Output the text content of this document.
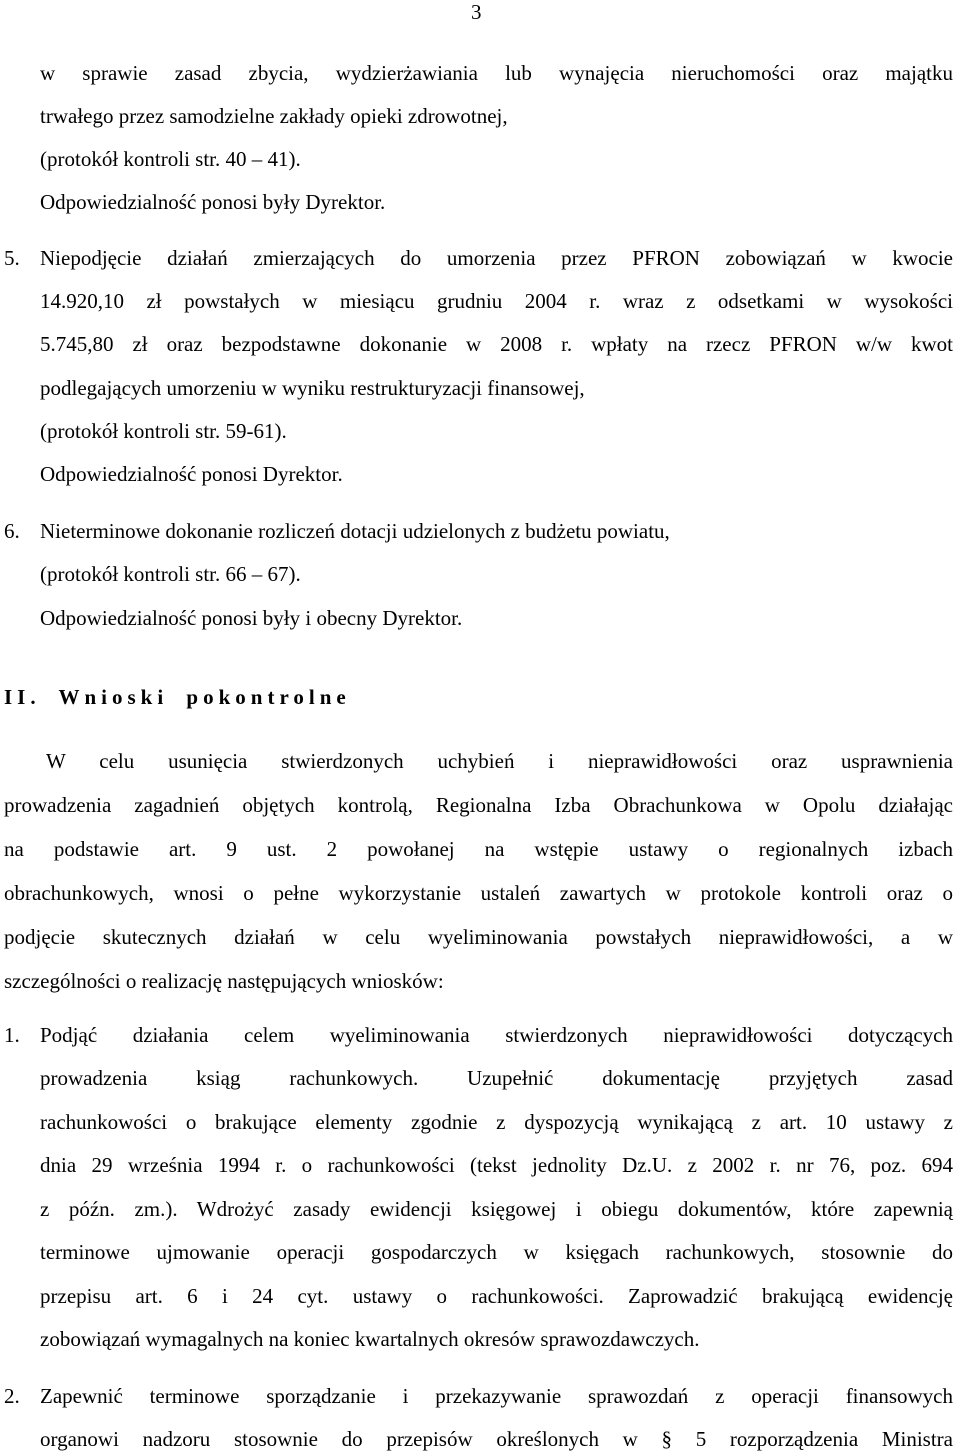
3
w sprawie zasad zbycia, wydzierżawiania lub wynajęcia nieruchomości oraz majątku
trwałego przez samodzielne zakłady opieki zdrowotnej,
(protokół kontroli str. 40 – 41).
Odpowiedzialność ponosi były Dyrektor.
5. Niepodjęcie działań zmierzających do umorzenia przez PFRON zobowiązań w kwocie
14.920,10 zł powstałych w miesiącu grudniu 2004 r. wraz z odsetkami w wysokości
5.745,80 zł oraz bezpodstawne dokonanie w 2008 r. wpłaty na rzecz PFRON w/w kwot
podlegających umorzeniu w wyniku restrukturyzacji finansowej,
(protokół kontroli str. 59-61).
Odpowiedzialność ponosi Dyrektor.
6. Nieterminowe dokonanie rozliczeń dotacji udzielonych z budżetu powiatu,
(protokół kontroli str. 66 – 67).
Odpowiedzialność ponosi były i obecny Dyrektor.
II. Wnioski pokontrolne
W celu usunięcia stwierdzonych uchybień i nieprawidłowości oraz usprawnienia
prowadzenia zagadnień objętych kontrolą, Regionalna Izba Obrachunkowa w Opolu działając
na podstawie art. 9 ust. 2 powołanej na wstępie ustawy o regionalnych izbach
obrachunkowych, wnosi o pełne wykorzystanie ustaleń zawartych w protokole kontroli oraz o
podjęcie skutecznych działań w celu wyeliminowania powstałych nieprawidłowości, a w
szczególności o realizację następujących wniosków:
1. Podjąć działania celem wyeliminowania stwierdzonych nieprawidłowości dotyczących
prowadzenia ksiąg rachunkowych. Uzupełnić dokumentację przyjętych zasad
rachunkowości o brakujące elementy zgodnie z dyspozycją wynikającą z art. 10 ustawy z
dnia 29 września 1994 r. o rachunkowości (tekst jednolity Dz.U. z 2002 r. nr 76, poz. 694
z późn. zm.). Wdrożyć zasady ewidencji księgowej i obiegu dokumentów, które zapewnią
terminowe ujmowanie operacji gospodarczych w księgach rachunkowych, stosownie do
przepisu art. 6 i 24 cyt. ustawy o rachunkowości. Zaprowadzić brakującą ewidencję
zobowiązań wymagalnych na koniec kwartalnych okresów sprawozdawczych.
2. Zapewnić terminowe sporządzanie i przekazywanie sprawozdań z operacji finansowych
organowi nadzoru stosownie do przepisów określonych w § 5 rozporządzenia Ministra
